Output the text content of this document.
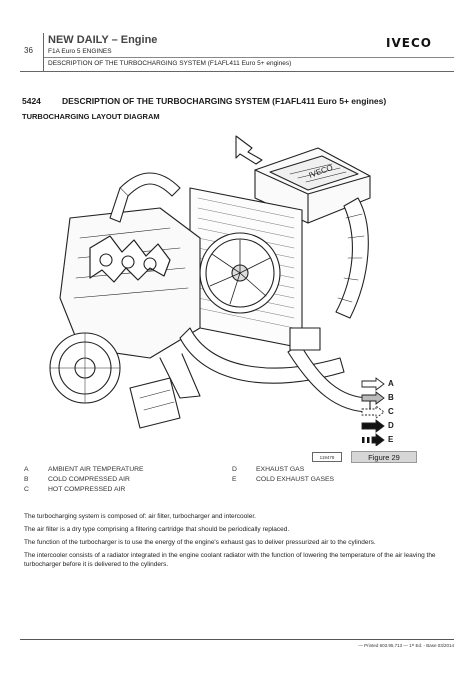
NEW DAILY – Engine
36 F1A Euro 5 ENGINES
DESCRIPTION OF THE TURBOCHARGING SYSTEM (F1AFL411 Euro 5+ engines)
IVECO
5424 DESCRIPTION OF THE TURBOCHARGING SYSTEM (F1AFL411 Euro 5+ engines)
TURBOCHARGING LAYOUT DIAGRAM
IVECO
A
B
C
D
E
119478	Figure 29
A	AMBIENT AIR TEMPERATURE
B	COLD COMPRESSED AIR
C	HOT COMPRESSED AIR
D	EXHAUST GAS
E	COLD EXHAUST GASES

The turbocharging system is composed of: air filter, turbocharger and intercooler.

The air filter is a dry type comprising a filtering cartridge that should be periodically replaced.

The function of the turbocharger is to use the energy of the engine's exhaust gas to deliver pressurized air to the cylinders.

The intercooler consists of a radiator integrated in the engine coolant radiator with the function of lowering the temperature of the air leaving the turbocharger before it is delivered to the cylinders.

— Printed 603.95.713 — 1ˢᵗ Ed. - Base 03/2014
